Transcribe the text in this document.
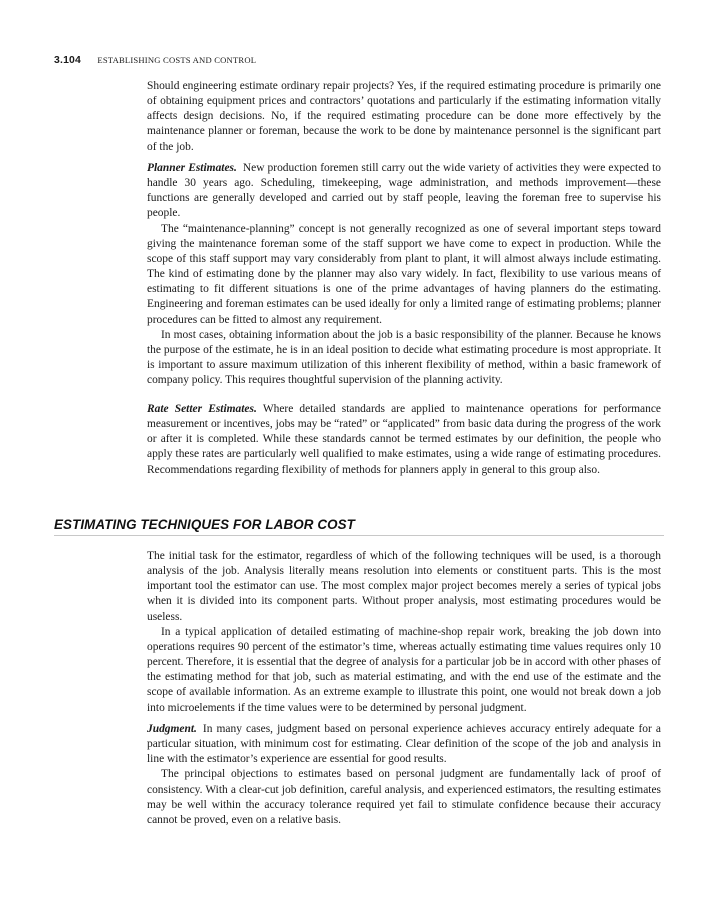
3.104 ESTABLISHING COSTS AND CONTROL

Should engineering estimate ordinary repair projects? Yes, if the required estimating procedure is primarily one of obtaining equipment prices and contractors’ quotations and particularly if the estimating information vitally affects design decisions. No, if the required estimating procedure can be done more effectively by the maintenance planner or foreman, because the work to be done by maintenance personnel is the significant part of the job.

Planner Estimates. New production foremen still carry out the wide variety of activities they were expected to handle 30 years ago. Scheduling, timekeeping, wage administration, and methods improvement—these functions are generally developed and carried out by staff people, leaving the foreman free to supervise his people.

The “maintenance-planning” concept is not generally recognized as one of several important steps toward giving the maintenance foreman some of the staff support we have come to expect in production. While the scope of this staff support may vary considerably from plant to plant, it will almost always include estimating. The kind of estimating done by the planner may also vary widely. In fact, flexibility to use various means of estimating to fit different situations is one of the prime advantages of having planners do the estimating. Engineering and foreman estimates can be used ideally for only a limited range of estimating problems; planner procedures can be fitted to almost any requirement.

In most cases, obtaining information about the job is a basic responsibility of the planner. Because he knows the purpose of the estimate, he is in an ideal position to decide what estimating procedure is most appropriate. It is important to assure maximum utilization of this inherent flexibility of method, within a basic framework of company policy. This requires thoughtful supervision of the planning activity.

Rate Setter Estimates. Where detailed standards are applied to maintenance operations for performance measurement or incentives, jobs may be “rated” or “applicated” from basic data during the progress of the work or after it is completed. While these standards cannot be termed estimates by our definition, the people who apply these rates are particularly well qualified to make estimates, using a wide range of estimating procedures. Recommendations regarding flexibility of methods for planners apply in general to this group also.

ESTIMATING TECHNIQUES FOR LABOR COST

The initial task for the estimator, regardless of which of the following techniques will be used, is a thorough analysis of the job. Analysis literally means resolution into elements or constituent parts. This is the most important tool the estimator can use. The most complex major project becomes merely a series of typical jobs when it is divided into its component parts. Without proper analysis, most estimating procedures would be useless.

In a typical application of detailed estimating of machine-shop repair work, breaking the job down into operations requires 90 percent of the estimator’s time, whereas actually estimating time values requires only 10 percent. Therefore, it is essential that the degree of analysis for a particular job be in accord with other phases of the estimating method for that job, such as material estimating, and with the end use of the estimate and the scope of available information. As an extreme example to illustrate this point, one would not break down a job into microelements if the time values were to be determined by personal judgment.

Judgment. In many cases, judgment based on personal experience achieves accuracy entirely adequate for a particular situation, with minimum cost for estimating. Clear definition of the scope of the job and analysis in line with the estimator’s experience are essential for good results.

The principal objections to estimates based on personal judgment are fundamentally lack of proof of consistency. With a clear-cut job definition, careful analysis, and experienced estimators, the resulting estimates may be well within the accuracy tolerance required yet fail to stimulate confidence because their accuracy cannot be proved, even on a relative basis.
